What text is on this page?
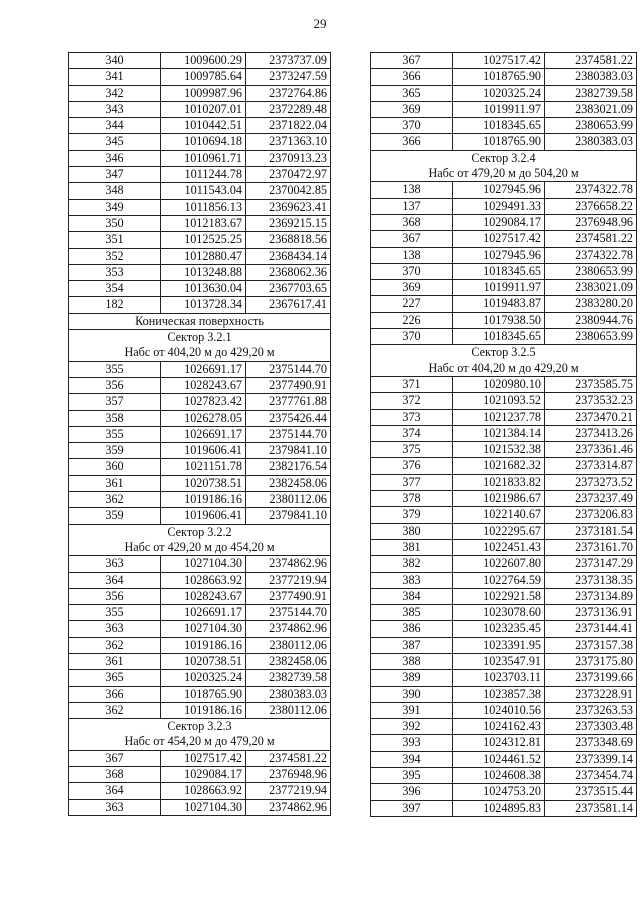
29
340	1009600.29	2373737.09
341	1009785.64	2373247.59
342	1009987.96	2372764.86
343	1010207.01	2372289.48
344	1010442.51	2371822.04
345	1010694.18	2371363.10
346	1010961.71	2370913.23
347	1011244.78	2370472.97
348	1011543.04	2370042.85
349	1011856.13	2369623.41
350	1012183.67	2369215.15
351	1012525.25	2368818.56
352	1012880.47	2368434.14
353	1013248.88	2368062.36
354	1013630.04	2367703.65
182	1013728.34	2367617.41
Коническая поверхность		
Сектор 3.2.1		
Набс от 404,20 м до 429,20 м		
355	1026691.17	2375144.70
356	1028243.67	2377490.91
357	1027823.42	2377761.88
358	1026278.05	2375426.44
355	1026691.17	2375144.70
359	1019606.41	2379841.10
360	1021151.78	2382176.54
361	1020738.51	2382458.06
362	1019186.16	2380112.06
359	1019606.41	2379841.10
Сектор 3.2.2		
Набс от 429,20 м до 454,20 м		
363	1027104.30	2374862.96
364	1028663.92	2377219.94
356	1028243.67	2377490.91
355	1026691.17	2375144.70
363	1027104.30	2374862.96
362	1019186.16	2380112.06
361	1020738.51	2382458.06
365	1020325.24	2382739.58
366	1018765.90	2380383.03
362	1019186.16	2380112.06
Сектор 3.2.3		
Набс от 454,20 м до 479,20 м		
367	1027517.42	2374581.22
368	1029084.17	2376948.96
364	1028663.92	2377219.94
363	1027104.30	2374862.96
367	1027517.42	2374581.22
366	1018765.90	2380383.03
365	1020325.24	2382739.58
369	1019911.97	2383021.09
370	1018345.65	2380653.99
366	1018765.90	2380383.03
Сектор 3.2.4		
Набс от 479,20 м до 504,20 м		
138	1027945.96	2374322.78
137	1029491.33	2376658.22
368	1029084.17	2376948.96
367	1027517.42	2374581.22
138	1027945.96	2374322.78
370	1018345.65	2380653.99
369	1019911.97	2383021.09
227	1019483.87	2383280.20
226	1017938.50	2380944.76
370	1018345.65	2380653.99
Сектор 3.2.5		
Набс от 404,20 м до 429,20 м		
371	1020980.10	2373585.75
372	1021093.52	2373532.23
373	1021237.78	2373470.21
374	1021384.14	2373413.26
375	1021532.38	2373361.46
376	1021682.32	2373314.87
377	1021833.82	2373273.52
378	1021986.67	2373237.49
379	1022140.67	2373206.83
380	1022295.67	2373181.54
381	1022451.43	2373161.70
382	1022607.80	2373147.29
383	1022764.59	2373138.35
384	1022921.58	2373134.89
385	1023078.60	2373136.91
386	1023235.45	2373144.41
387	1023391.95	2373157.38
388	1023547.91	2373175.80
389	1023703.11	2373199.66
390	1023857.38	2373228.91
391	1024010.56	2373263.53
392	1024162.43	2373303.48
393	1024312.81	2373348.69
394	1024461.52	2373399.14
395	1024608.38	2373454.74
396	1024753.20	2373515.44
397	1024895.83	2373581.14
